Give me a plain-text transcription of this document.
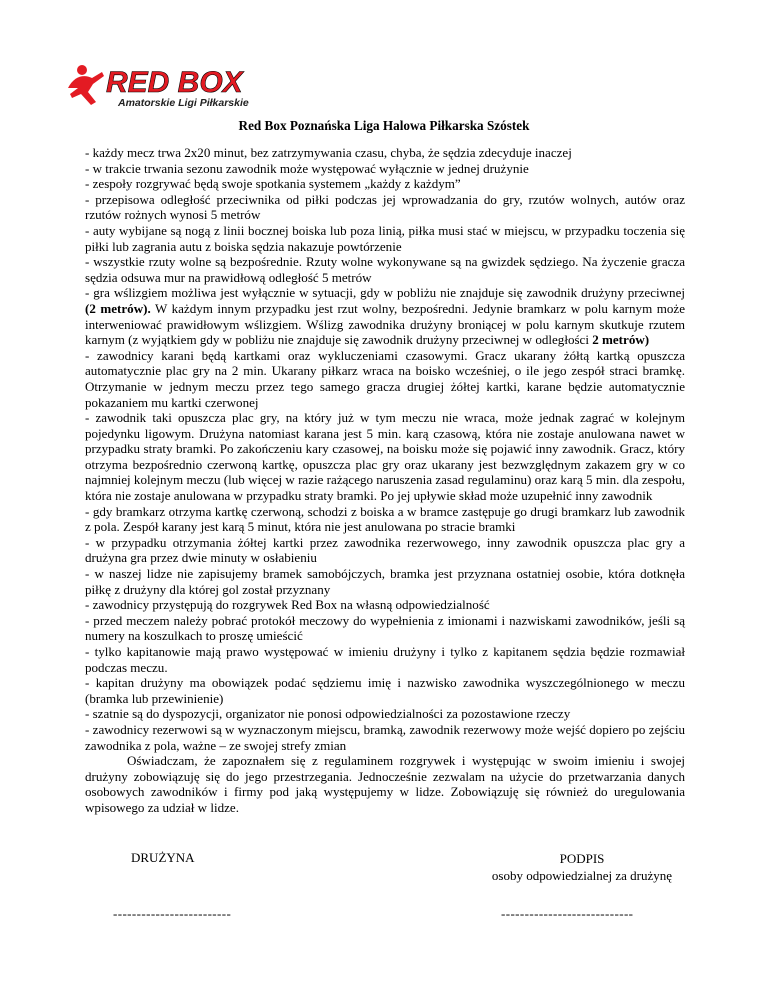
RED BOX
Amatorskie Ligi Piłkarskie
Red Box Poznańska Liga Halowa Piłkarska Szóstek

- każdy mecz trwa 2x20 minut, bez zatrzymywania czasu, chyba, że sędzia zdecyduje inaczej

- w trakcie trwania sezonu zawodnik może występować wyłącznie w jednej drużynie

- zespoły rozgrywać będą swoje spotkania systemem „każdy z każdym”

- przepisowa odległość przeciwnika od piłki podczas jej wprowadzania do gry, rzutów wolnych, autów oraz rzutów rożnych wynosi 5 metrów

- auty wybijane są nogą z linii bocznej boiska lub poza linią, piłka musi stać w miejscu, w przypadku toczenia się piłki lub zagrania autu z boiska sędzia nakazuje powtórzenie

- wszystkie rzuty wolne są bezpośrednie. Rzuty wolne wykonywane są na gwizdek sędziego. Na życzenie gracza sędzia odsuwa mur na prawidłową odległość 5 metrów

- gra wślizgiem możliwa jest wyłącznie w sytuacji, gdy w pobliżu nie znajduje się zawodnik drużyny przeciwnej (2 metrów). W każdym innym przypadku jest rzut wolny, bezpośredni. Jedynie bramkarz w polu karnym może interweniować prawidłowym wślizgiem. Wślizg zawodnika drużyny broniącej w polu karnym skutkuje rzutem karnym (z wyjątkiem gdy w pobliżu nie znajduje się zawodnik drużyny przeciwnej w odległości 2 metrów)

- zawodnicy karani będą kartkami oraz wykluczeniami czasowymi. Gracz ukarany żółtą kartką opuszcza automatycznie plac gry na 2 min. Ukarany piłkarz wraca na boisko wcześniej, o ile jego zespół straci bramkę. Otrzymanie w jednym meczu przez tego samego gracza drugiej żółtej kartki, karane będzie automatycznie pokazaniem mu kartki czerwonej

- zawodnik taki opuszcza plac gry, na który już w tym meczu nie wraca, może jednak zagrać w kolejnym pojedynku ligowym. Drużyna natomiast karana jest 5 min. karą czasową, która nie zostaje anulowana nawet w przypadku straty bramki. Po zakończeniu kary czasowej, na boisku może się pojawić inny zawodnik. Gracz, który otrzyma bezpośrednio czerwoną kartkę, opuszcza plac gry oraz ukarany jest bezwzględnym zakazem gry w co najmniej kolejnym meczu (lub więcej w razie rażącego naruszenia zasad regulaminu) oraz karą 5 min. dla zespołu, która nie zostaje anulowana w przypadku straty bramki. Po jej upływie skład może uzupełnić inny zawodnik

- gdy bramkarz otrzyma kartkę czerwoną, schodzi z boiska a w bramce zastępuje go drugi bramkarz lub zawodnik z pola. Zespół karany jest karą 5 minut, która nie jest anulowana po stracie bramki

- w przypadku otrzymania żółtej kartki przez zawodnika rezerwowego, inny zawodnik opuszcza plac gry a drużyna gra przez dwie minuty w osłabieniu

- w naszej lidze nie zapisujemy bramek samobójczych, bramka jest przyznana ostatniej osobie, która dotknęła piłkę z drużyny dla której gol został przyznany

- zawodnicy przystępują do rozgrywek Red Box na własną odpowiedzialność

- przed meczem należy pobrać protokół meczowy do wypełnienia z imionami i nazwiskami zawodników, jeśli są numery na koszulkach to proszę umieścić

- tylko kapitanowie mają prawo występować w imieniu drużyny i tylko z kapitanem sędzia będzie rozmawiał podczas meczu.

- kapitan drużyny ma obowiązek podać sędziemu imię i nazwisko zawodnika wyszczególnionego w meczu (bramka lub przewinienie)

- szatnie są do dyspozycji, organizator nie ponosi odpowiedzialności za pozostawione rzeczy

- zawodnicy rezerwowi są w wyznaczonym miejscu, bramką, zawodnik rezerwowy może wejść dopiero po zejściu zawodnika z pola, ważne – ze swojej strefy zmian

Oświadczam, że zapoznałem się z regulaminem rozgrywek i występując w swoim imieniu i swojej drużyny zobowiązuję się do jego przestrzegania. Jednocześnie zezwalam na użycie do przetwarzania danych osobowych zawodników i firmy pod jaką występujemy w lidze. Zobowiązuję się również do uregulowania wpisowego za udział w lidze.

DRUŻYNA	PODPIS
osoby odpowiedzialnej za drużynę
-------------------------	----------------------------
